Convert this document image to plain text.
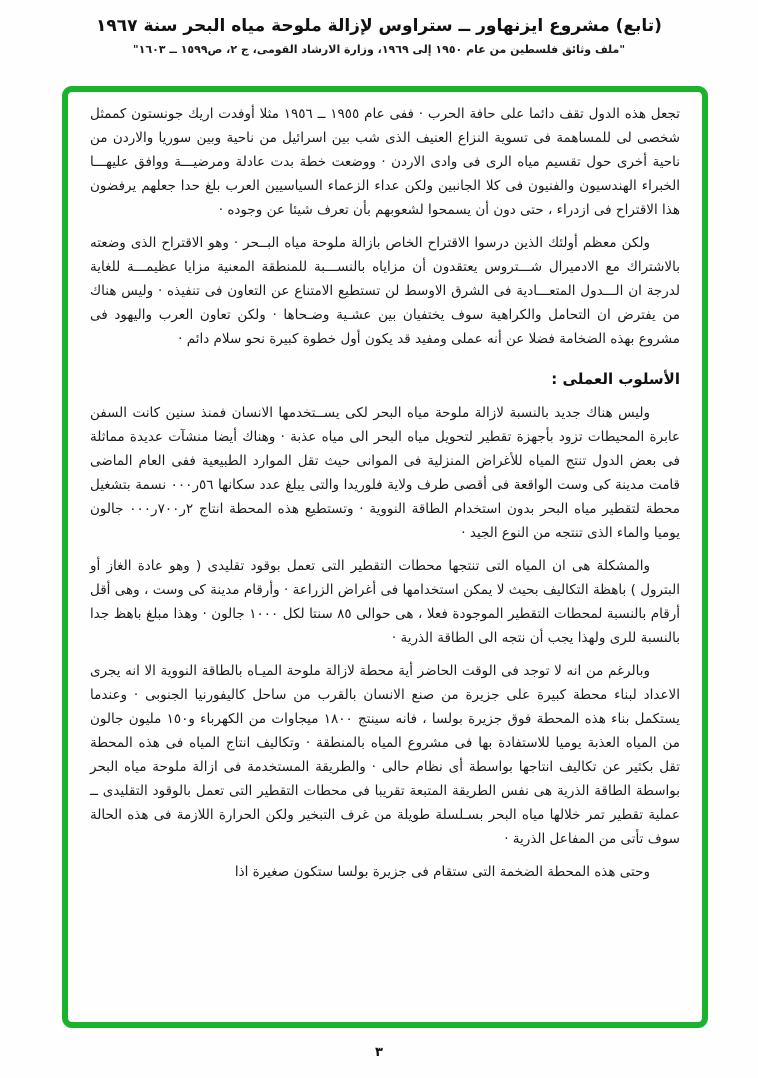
(تابع) مشروع ايزنهاور ــ ستراوس لإزالة ملوحة مياه البحر سنة ١٩٦٧
"ملف وثائق فلسطين من عام ١٩٥٠ إلى ١٩٦٩، وزارة الارشاد القومى، ج ٢، ص١٥٩٩ ــ ١٦٠٣"

تجعل هذه الدول تقف دائما على حافة الحرب · ففى عام ١٩٥٥ ــ ١٩٥٦ مثلا أوفدت اريك جونستون كممثل شخصى لى للمساهمة فى تسوية النزاع العنيف الذى شب بين اسرائيل من ناحية وبين سوريا والاردن من ناحية أخرى حول تقسيم مياه الرى فى وادى الاردن · ووضعت خطة بدت عادلة ومرضيـــة ووافق عليهـــا الخبراء الهندسيون والفنيون فى كلا الجانبين ولكن عداء الزعماء السياسيين العرب بلغ حدا جعلهم يرفضون هذا الاقتراح فى ازدراء ، حتى دون أن يسمحوا لشعوبهم بأن تعرف شيئا عن وجوده ·

ولكن معظم أولئك الذين درسوا الاقتراح الخاص بازالة ملوحة مياه البــحر · وهو الاقتراح الذى وضعته بالاشتراك مع الادميرال شـــتروس يعتقدون أن مزاياه بالنســـبة للمنطقة المعنية مزايا عظيمـــة للغاية لدرجة ان الـــدول المتعـــادية فى الشرق الاوسط لن تستطيع الامتناع عن التعاون فى تنفيذه · وليس هناك من يفترض ان التحامل والكراهية سوف يختفيان بين عشـية وضـحاها · ولكن تعاون العرب واليهود فى مشروع بهذه الضخامة فضلا عن أنه عملى ومفيد قد يكون أول خطوة كبيرة نحو سلام دائم ·

الأسلوب العملى :

وليس هناك جديد بالنسبة لازالة ملوحة مياه البحر لكى يســتخدمها الانسان فمنذ سنين كانت السفن عابرة المحيطات تزود بأجهزة تقطير لتحويل مياه البحر الى مياه عذبة · وهناك أيضا منشآت عديدة مماثلة فى بعض الدول تنتج المياه للأغراض المنزلية فى الموانى حيث تقل الموارد الطبيعية ففى العام الماضى قامت مدينة كى وست الواقعة فى أقصى طرف ولاية فلوريدا والتى يبلغ عدد سكانها ٥٦ر٠٠٠ نسمة بتشغيل محطة لتقطير مياه البحر بدون استخدام الطاقة النووية · وتستطيع هذه المحطة انتاج ٢ر٧٠٠ر٠٠٠ جالون يوميا والماء الذى تنتجه من النوع الجيد ·

والمشكلة هى ان المياه التى تنتجها محطات التقطير التى تعمل بوقود تقليدى ( وهو عادة الغاز أو البترول ) باهظة التكاليف بحيث لا يمكن استخدامها فى أغراض الزراعة · وأرقام مدينة كى وست ، وهى أقل أرقام بالنسبة لمحطات التقطير الموجودة فعلا ، هى حوالى ٨٥ سنتا لكل ١٠٠٠ جالون · وهذا مبلغ باهظ جدا بالنسبة للرى ولهذا يجب أن نتجه الى الطاقة الذرية ·

وبالرغم من انه لا توجد فى الوقت الحاضر أية محطة لازالة ملوحة الميـاه بالطاقة النووية الا انه يجرى الاعداد لبناء محطة كبيرة على جزيرة من صنع الانسان بالقرب من ساحل كاليفورنيا الجنوبى · وعندما يستكمل بناء هذه المحطة فوق جزيرة بولسا ، فانه سينتج ١٨٠٠ ميجاوات من الكهرباء و١٥٠ مليون جالون من المياه العذبة يوميا للاستفادة بها فى مشروع المياه بالمنطقة · وتكاليف انتاج المياه فى هذه المحطة تقل بكثير عن تكاليف انتاجها بواسطة أى نظام حالى · والطريقة المستخدمة فى ازالة ملوحة مياه البحر بواسطة الطاقة الذرية هى نفس الطريقة المتبعة تقريبا فى محطات التقطير التى تعمل بالوقود التقليدى ــ عملية تقطير تمر خلالها مياه البحر بسـلسلة طويلة من غرف التبخير ولكن الحرارة اللازمة فى هذه الحالة سوف تأتى من المفاعل الذرية ·

وحتى هذه المحطة الضخمة التى ستقام فى جزيرة بولسا ستكون صغيرة اذا

٣
